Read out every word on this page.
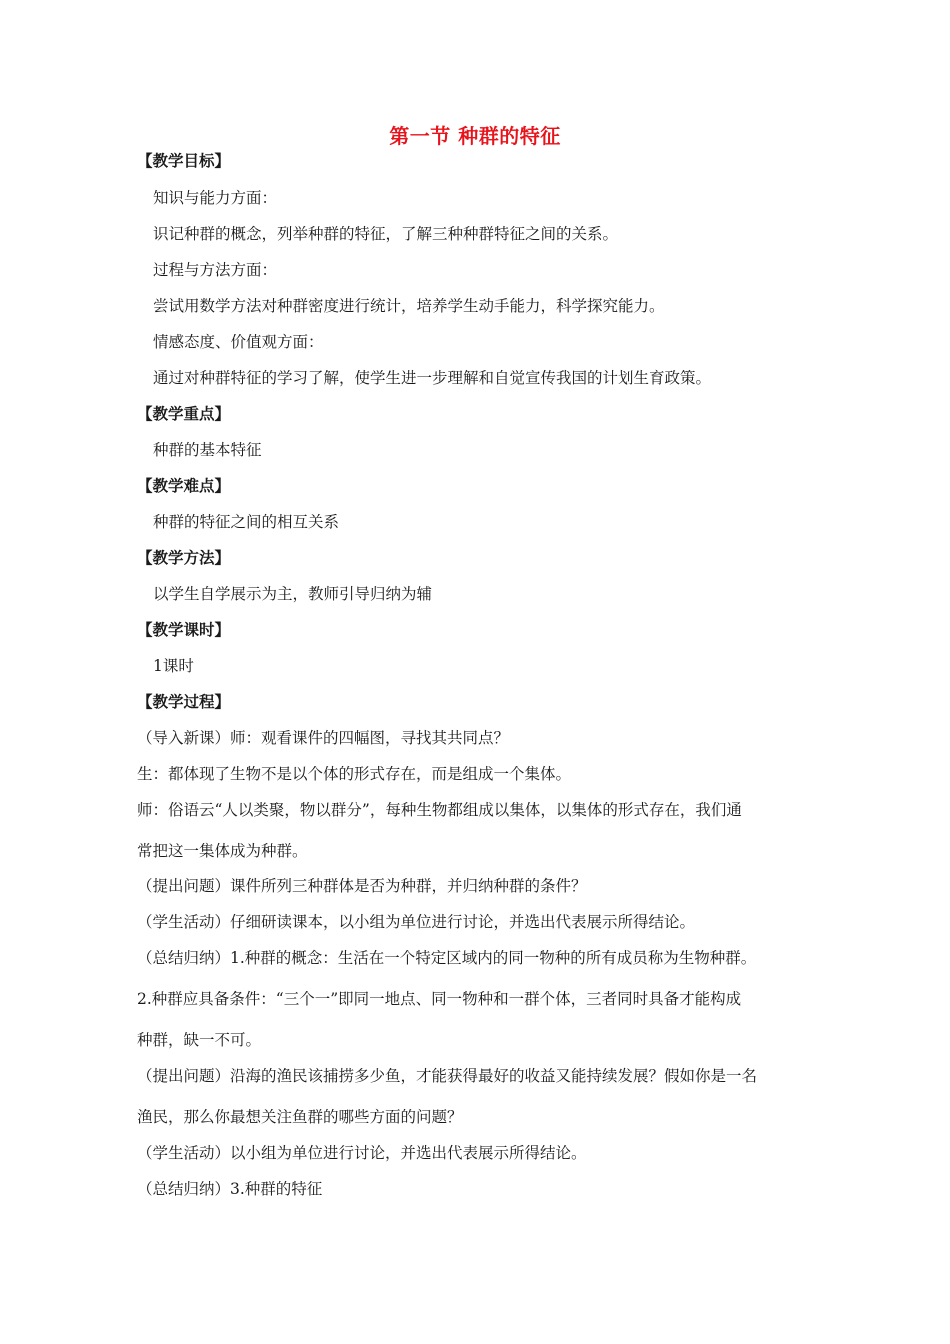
第一节 种群的特征
【教学目标】
知识与能力方面：
识记种群的概念，列举种群的特征，了解三种种群特征之间的关系。
过程与方法方面：
尝试用数学方法对种群密度进行统计，培养学生动手能力，科学探究能力。
情感态度、价值观方面：
通过对种群特征的学习了解，使学生进一步理解和自觉宣传我国的计划生育政策。
【教学重点】
种群的基本特征
【教学难点】
种群的特征之间的相互关系
【教学方法】
以学生自学展示为主，教师引导归纳为辅
【教学课时】
1课时
【教学过程】
（导入新课）师：观看课件的四幅图，寻找其共同点？
生：都体现了生物不是以个体的形式存在，而是组成一个集体。
师：俗语云“人以类聚，物以群分”，每种生物都组成以集体，以集体的形式存在，我们通
常把这一集体成为种群。
（提出问题）课件所列三种群体是否为种群，并归纳种群的条件？
（学生活动）仔细研读课本，以小组为单位进行讨论，并选出代表展示所得结论。
（总结归纳）1.种群的概念：生活在一个特定区域内的同一物种的所有成员称为生物种群。
2.种群应具备条件：“三个一”即同一地点、同一物种和一群个体，三者同时具备才能构成
种群，缺一不可。
（提出问题）沿海的渔民该捕捞多少鱼，才能获得最好的收益又能持续发展？假如你是一名
渔民，那么你最想关注鱼群的哪些方面的问题？
（学生活动）以小组为单位进行讨论，并选出代表展示所得结论。
（总结归纳）3.种群的特征
